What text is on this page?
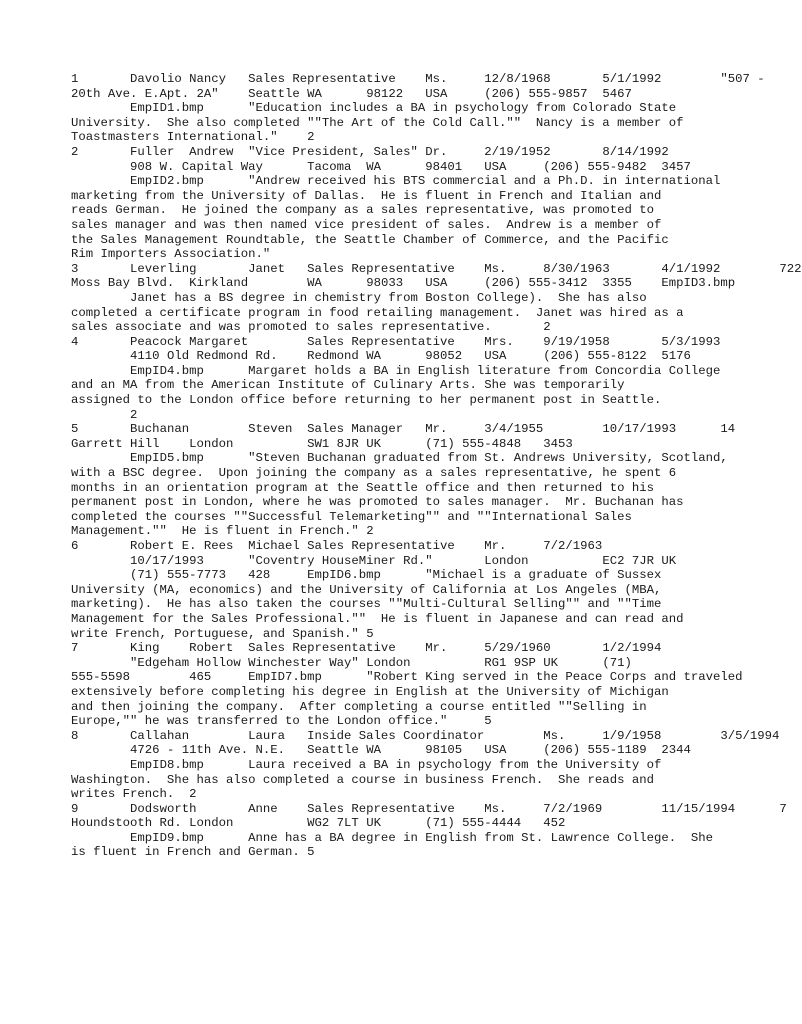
1	Davolio	Nancy	Sales Representative	Ms.	12/8/1968	5/1/1992	"507 -
20th Ave. E.Apt. 2A"	Seattle	WA	98122	USA	(206) 555-9857	5467
	EmpID1.bmp	"Education includes a BA in psychology from Colorado State
University.  She also completed ""The Art of the Cold Call.""  Nancy is a member of
Toastmasters International."	2
2	Fuller	Andrew	"Vice President, Sales"	Dr.	2/19/1952	8/14/1992
	908 W. Capital Way	Tacoma	WA	98401	USA	(206) 555-9482	3457
	EmpID2.bmp	"Andrew received his BTS commercial and a Ph.D. in international
marketing from the University of Dallas.  He is fluent in French and Italian and
reads German.  He joined the company as a sales representative, was promoted to
sales manager and was then named vice president of sales.  Andrew is a member of
the Sales Management Roundtable, the Seattle Chamber of Commerce, and the Pacific
Rim Importers Association."
3	Leverling	Janet	Sales Representative	Ms.	8/30/1963	4/1/1992	722
Moss Bay Blvd.	Kirkland	WA	98033	USA	(206) 555-3412	3355	EmpID3.bmp
	Janet has a BS degree in chemistry from Boston College).  She has also
completed a certificate program in food retailing management.  Janet was hired as a
sales associate and was promoted to sales representative.	2
4	Peacock	Margaret	Sales Representative	Mrs.	9/19/1958	5/3/1993
	4110 Old Redmond Rd.	Redmond	WA	98052	USA	(206) 555-8122	5176
	EmpID4.bmp	Margaret holds a BA in English literature from Concordia College
and an MA from the American Institute of Culinary Arts. She was temporarily
assigned to the London office before returning to her permanent post in Seattle.
	2
5	Buchanan	Steven	Sales Manager	Mr.	3/4/1955	10/17/1993	14
Garrett Hill	London		SW1 8JR	UK	(71) 555-4848	3453
	EmpID5.bmp	"Steven Buchanan graduated from St. Andrews University, Scotland,
with a BSC degree.  Upon joining the company as a sales representative, he spent 6
months in an orientation program at the Seattle office and then returned to his
permanent post in London, where he was promoted to sales manager.  Mr. Buchanan has
completed the courses ""Successful Telemarketing"" and ""International Sales
Management.""  He is fluent in French."	2
6	Robert E. Rees	Michael	Sales Representative	Mr.	7/2/1963
	10/17/1993	"Coventry HouseMiner Rd."	London		EC2 7JR	UK
	(71) 555-7773	428	EmpID6.bmp	"Michael is a graduate of Sussex
University (MA, economics) and the University of California at Los Angeles (MBA,
marketing).  He has also taken the courses ""Multi-Cultural Selling"" and ""Time
Management for the Sales Professional.""  He is fluent in Japanese and can read and
write French, Portuguese, and Spanish."	5
7	King	Robert	Sales Representative	Mr.	5/29/1960	1/2/1994
	"Edgeham Hollow Winchester Way"	London		RG1 9SP	UK	(71)
555-5598	465	EmpID7.bmp	"Robert King served in the Peace Corps and traveled
extensively before completing his degree in English at the University of Michigan
and then joining the company.  After completing a course entitled ""Selling in
Europe,"" he was transferred to the London office."	5
8	Callahan	Laura	Inside Sales Coordinator	Ms.	1/9/1958	3/5/1994
	4726 - 11th Ave. N.E.	Seattle	WA	98105	USA	(206) 555-1189	2344
	EmpID8.bmp	Laura received a BA in psychology from the University of
Washington.  She has also completed a course in business French.  She reads and
writes French.	2
9	Dodsworth	Anne	Sales Representative	Ms.	7/2/1969	11/15/1994	7
Houndstooth Rd.	London		WG2 7LT	UK	(71) 555-4444	452
	EmpID9.bmp	Anne has a BA degree in English from St. Lawrence College.  She
is fluent in French and German.	5
